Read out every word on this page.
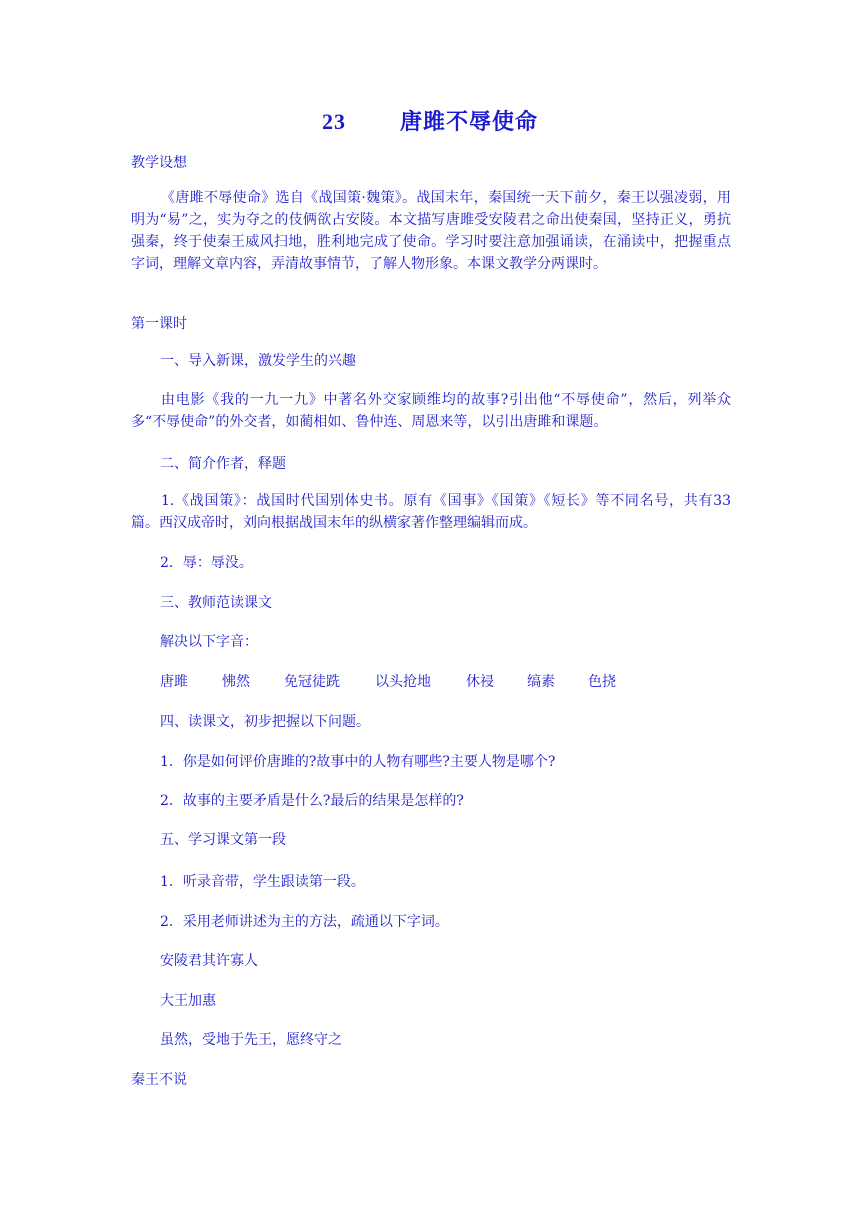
23 唐雎不辱使命
教学设想
《唐雎不辱使命》选自《战国策·魏策》。战国末年，秦国统一天下前夕，秦王以强凌弱，用明为“易”之，实为夺之的伎俩欲占安陵。本文描写唐雎受安陵君之命出使秦国，坚持正义，勇抗强秦，终于使秦王威风扫地，胜利地完成了使命。学习时要注意加强诵读，在涌读中，把握重点字词，理解文章内容，弄清故事情节，了解人物形象。本课文教学分两课时。
第一课时
一、导入新课，激发学生的兴趣
由电影《我的一九一九》中著名外交家顾维均的故事?引出他“不辱使命”，然后，列举众多“不辱使命”的外交者，如蔺相如、鲁仲连、周恩来等，以引出唐雎和课题。
二、简介作者，释题
1.《战国策》：战国时代国别体史书。原有《国事》《国策》《短长》等不同名号，共有33篇。西汉成帝时，刘向根据战国末年的纵横家著作整理编辑而成。
2．辱：辱没。
三、教师范读课文
解决以下字音：
唐雎	怫然	免冠徒跣	以头抢地	休祲	缟素	色挠
四、读课文，初步把握以下问题。
1．你是如何评价唐雎的?故事中的人物有哪些?主要人物是哪个?
2．故事的主要矛盾是什么?最后的结果是怎样的?
五、学习课文第一段
1．听录音带，学生跟读第一段。
2．采用老师讲述为主的方法，疏通以下字词。
安陵君其许寡人
大王加惠
虽然，受地于先王，愿终守之
秦王不说
